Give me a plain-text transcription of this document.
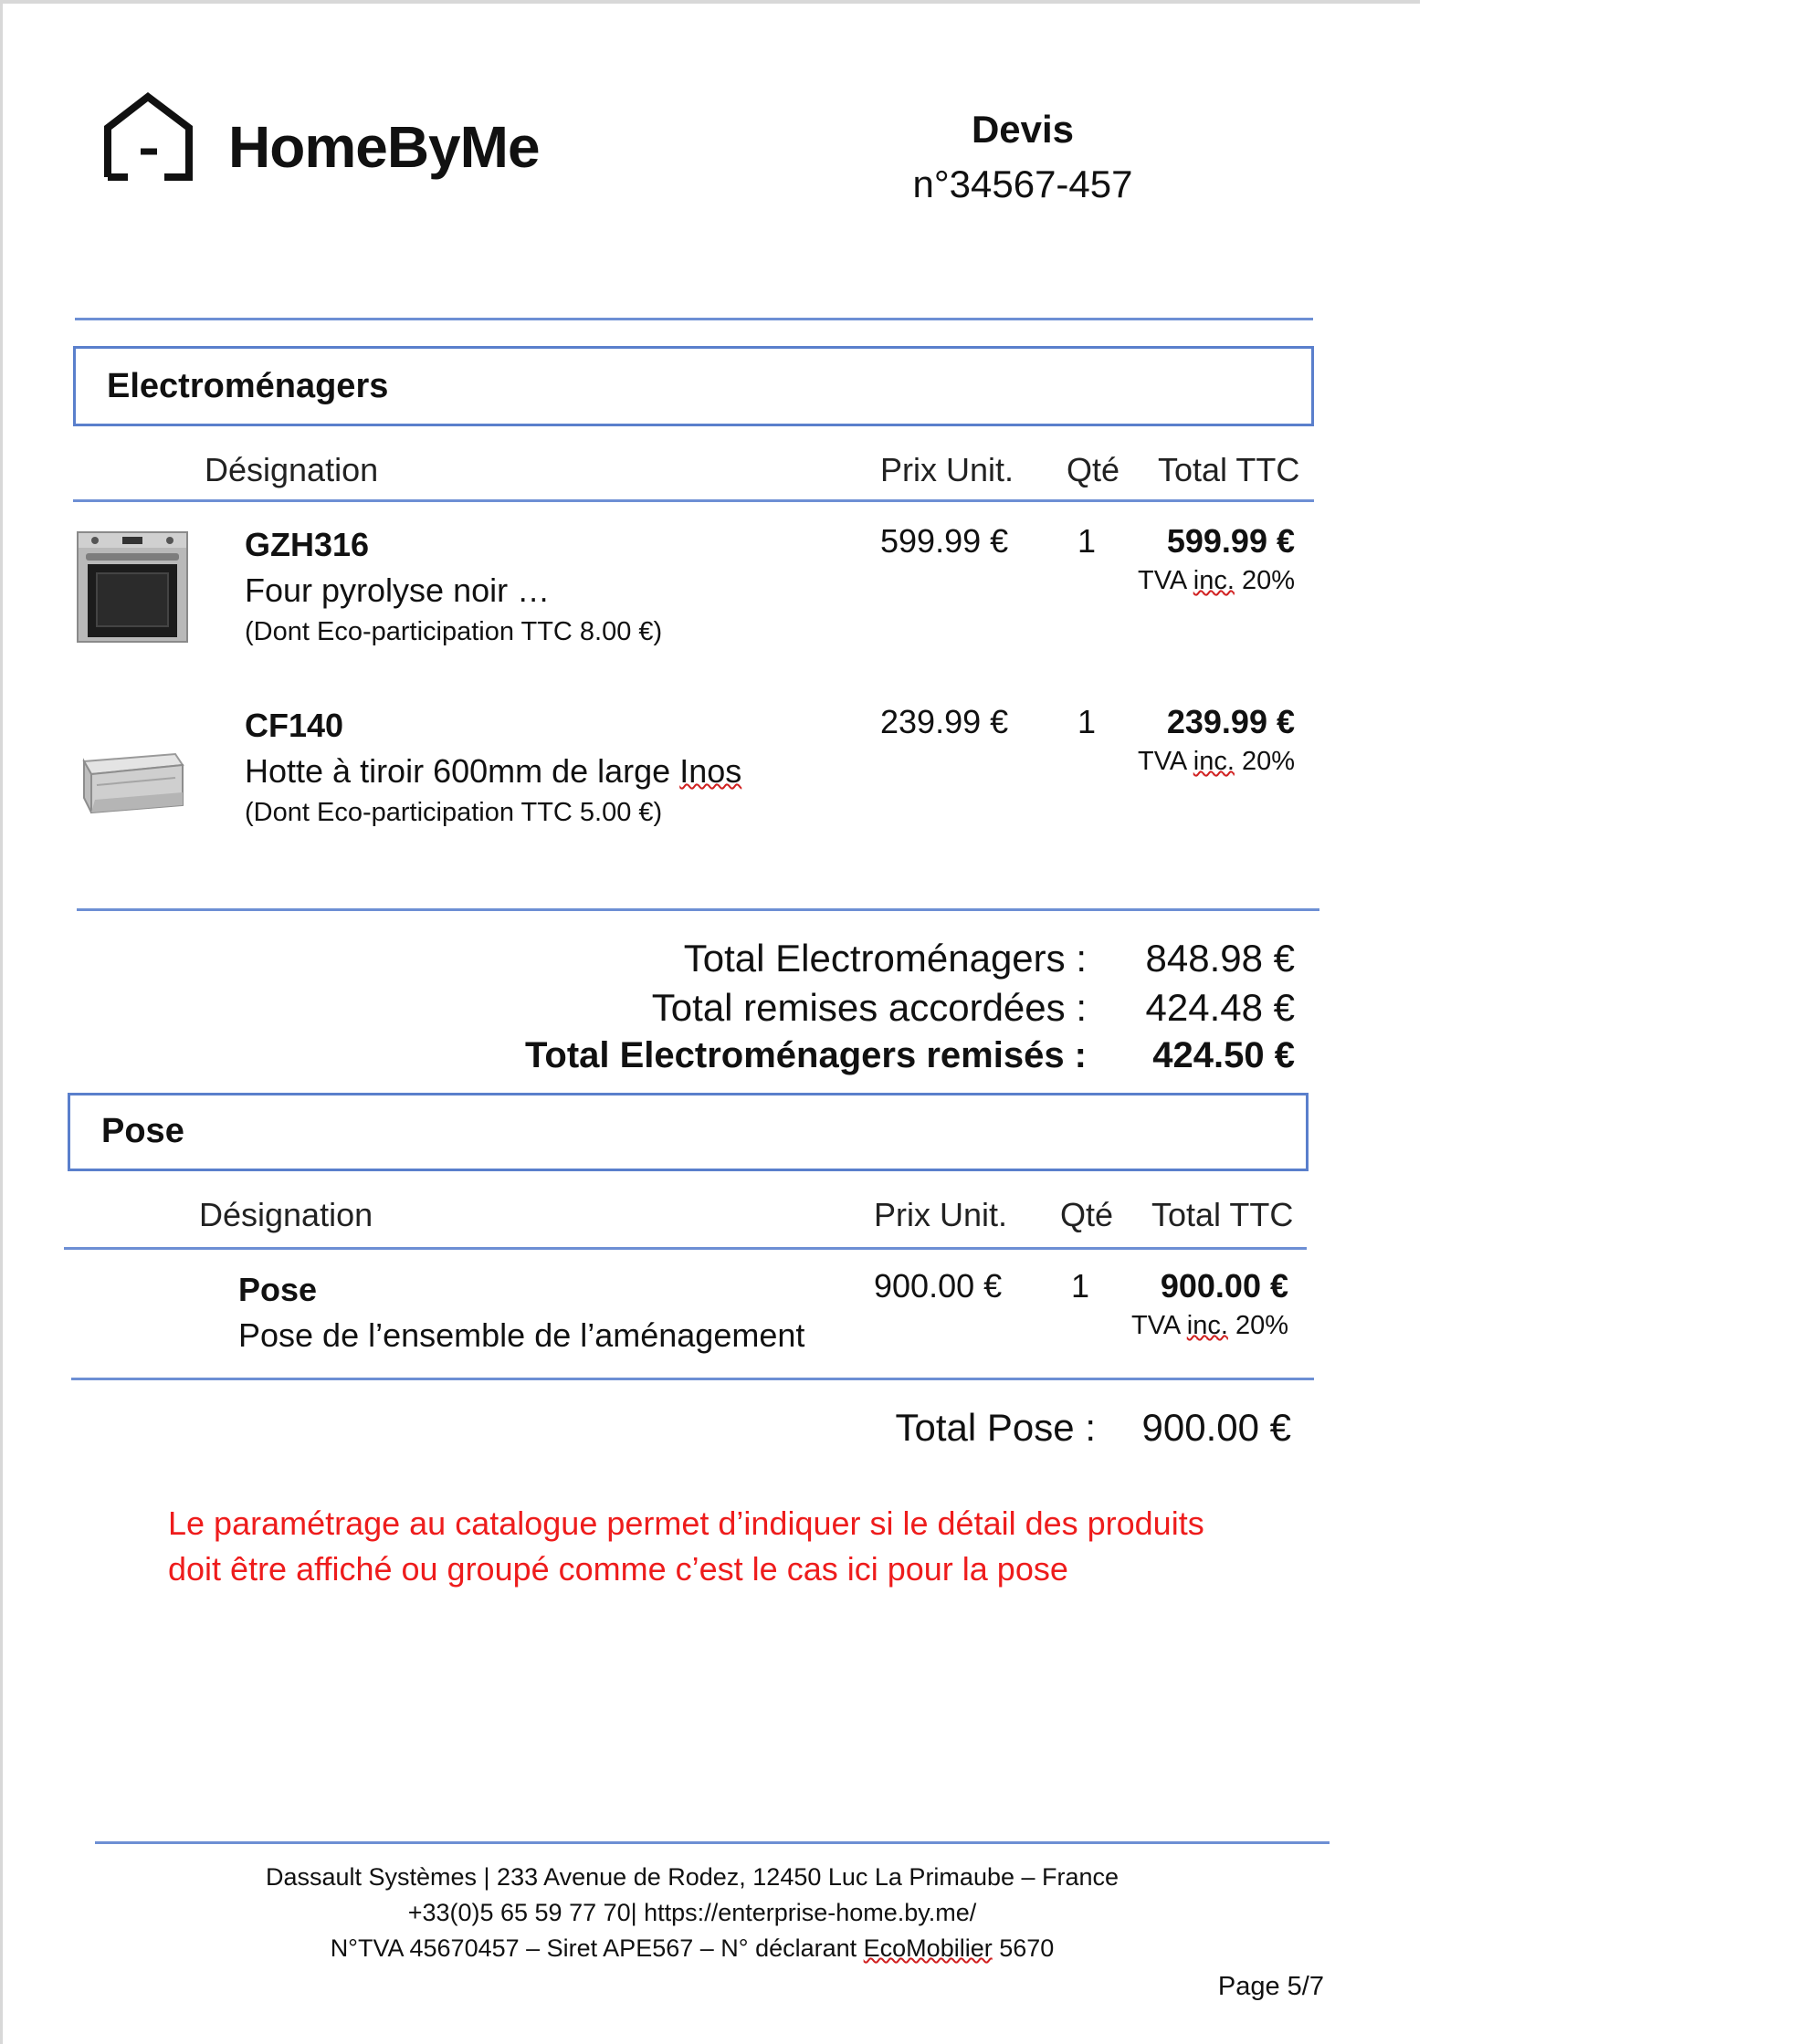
HomeByMe	Devis
n°34567-457
Electroménagers
Désignation	Prix Unit. Qté Total TTC
GZH316
Four pyrolyse noir …
(Dont Eco-participation TTC 8.00 €)
599.99 € 1	599.99 €
TVA inc. 20%
CF140
Hotte à tiroir 600mm de large Inos
(Dont Eco-participation TTC 5.00 €)
239.99 € 1	239.99 €
TVA inc. 20%
Total Electroménagers :	848.98 €
Total remises accordées :	424.48 €
Total Electroménagers remisés :	424.50 €
Pose
Désignation	Prix Unit. Qté Total TTC
Pose
Pose de l’ensemble de l’aménagement
900.00 € 1	900.00 €
TVA inc. 20%
Total Pose :	900.00 €
Le paramétrage au catalogue permet d’indiquer si le détail des produits
doit être affiché ou groupé comme c’est le cas ici pour la pose
Dassault Systèmes | 233 Avenue de Rodez, 12450 Luc La Primaube – France
+33(0)5 65 59 77 70| https://enterprise-home.by.me/
N°TVA 45670457 – Siret APE567 – N° déclarant EcoMobilier 5670
Page 5/7
